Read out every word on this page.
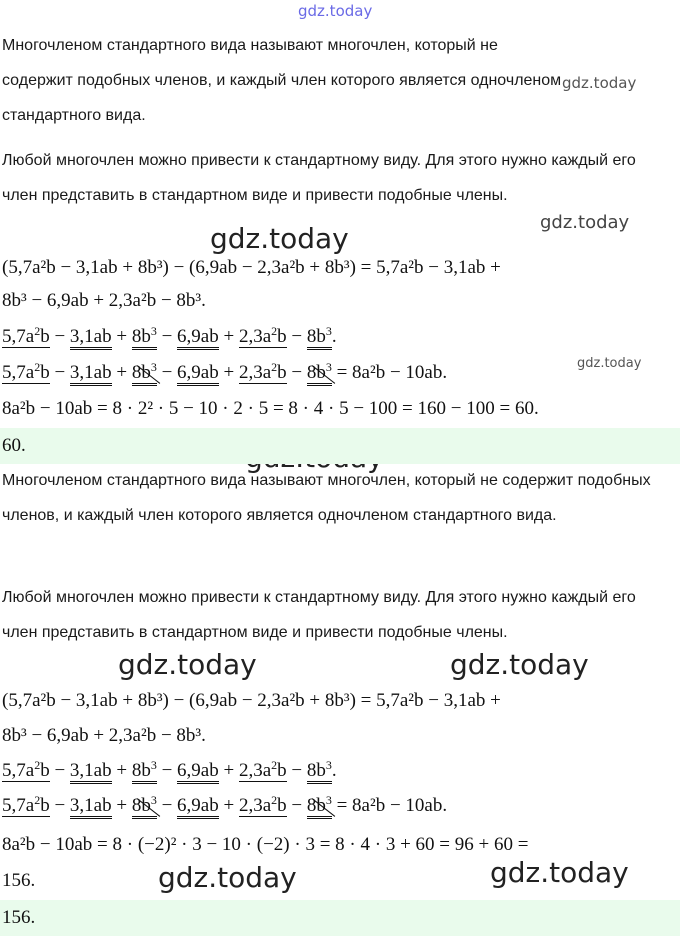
gdz.today
gdz.today
gdz.today
gdz.today
gdz.today
gdz.today	gdz.today
gdz.today	gdz.today
Многочленом стандартного вида называют многочлен, который не содержит подобных членов, и каждый член которого является одночленом стандартного вида.
Любой многочлен можно привести к стандартному виду. Для этого нужно каждый его член представить в стандартном виде и привести подобные члены.
(5,7a²b − 3,1ab + 8b³) − (6,9ab − 2,3a²b + 8b³) = 5,7a²b − 3,1ab +
8b³ − 6,9ab + 2,3a²b − 8b³.
$5,7a^2b - 3,1ab + 8b^3 - 6,9ab + 2,3a^2b - 8b^3$.
$5,7a^2b - 3,1ab + 8b^3 - 6,9ab + 2,3a^2b - 8b^3 = 8a^2b - 10ab$.
8a²b − 10ab = 8 · 2² · 5 − 10 · 2 · 5 = 8 · 4 · 5 − 100 = 160 − 100 = 60.
60.
Многочленом стандартного вида называют многочлен, который не содержит подобных членов, и каждый член которого является одночленом стандартного вида.
Любой многочлен можно привести к стандартному виду. Для этого нужно каждый его член представить в стандартном виде и привести подобные члены.
(5,7a²b − 3,1ab + 8b³) − (6,9ab − 2,3a²b + 8b³) = 5,7a²b − 3,1ab +
8b³ − 6,9ab + 2,3a²b − 8b³.
$5,7a^2b - 3,1ab + 8b^3 - 6,9ab + 2,3a^2b - 8b^3$.
$5,7a^2b - 3,1ab + 8b^3 - 6,9ab + 2,3a^2b - 8b^3 = 8a^2b - 10ab$.
8a²b − 10ab = 8 · (−2)² · 3 − 10 · (−2) · 3 = 8 · 4 · 3 + 60 = 96 + 60 =
156.
156.
